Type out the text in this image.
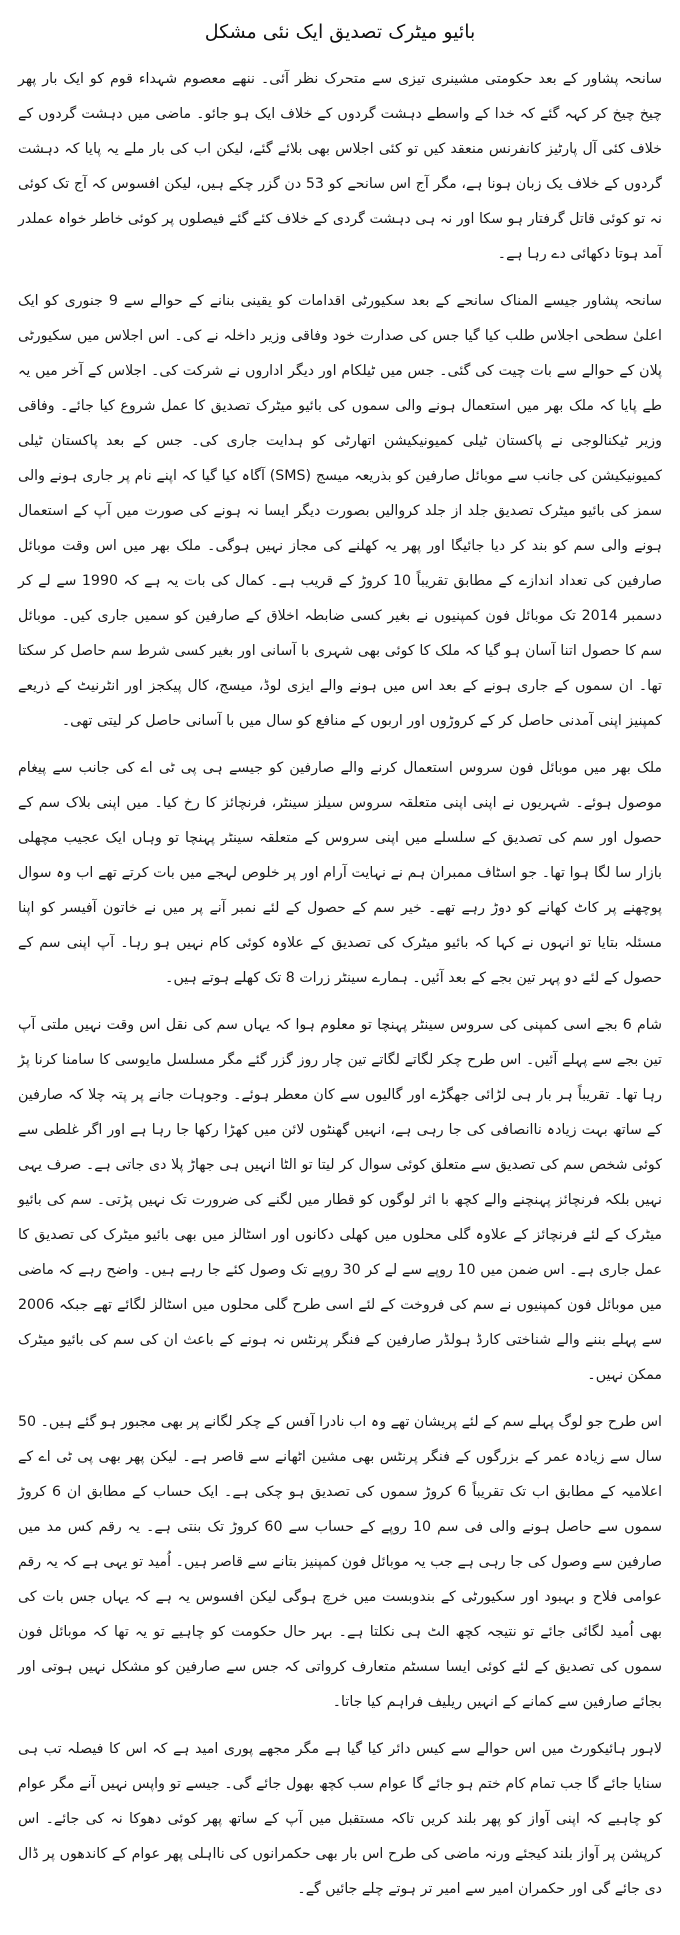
بائیو میٹرک تصدیق ایک نئی مشکل

سانحہ پشاور کے بعد حکومتی مشینری تیزی سے متحرک نظر آئی۔ ننھے معصوم شہداء قوم کو ایک بار پھر چیخ چیخ کر کہہ گئے کہ خدا کے واسطے دہشت گردوں کے خلاف ایک ہو جائو۔ ماضی میں دہشت گردوں کے خلاف کئی آل پارٹیز کانفرنس منعقد کیں تو کئی اجلاس بھی بلائے گئے، لیکن اب کی بار ملے یہ پایا کہ دہشت گردوں کے خلاف یک زبان ہونا ہے، مگر آج اس سانحے کو 53 دن گزر چکے ہیں، لیکن افسوس کہ آج تک کوئی نہ تو کوئی قاتل گرفتار ہو سکا اور نہ ہی دہشت گردی کے خلاف کئے گئے فیصلوں پر کوئی خاطر خواہ عملدر آمد ہوتا دکھائی دے رہا ہے۔

سانحہ پشاور جیسے المناک سانحے کے بعد سکیورٹی اقدامات کو یقینی بنانے کے حوالے سے 9 جنوری کو ایک اعلیٰ سطحی اجلاس طلب کیا گیا جس کی صدارت خود وفاقی وزیر داخلہ نے کی۔ اس اجلاس میں سکیورٹی پلان کے حوالے سے بات چیت کی گئی۔ جس میں ٹیلکام اور دیگر اداروں نے شرکت کی۔ اجلاس کے آخر میں یہ طے پایا کہ ملک بھر میں استعمال ہونے والی سموں کی بائیو میٹرک تصدیق کا عمل شروع کیا جائے۔ وفاقی وزیر ٹیکنالوجی نے پاکستان ٹیلی کمیونیکیشن اتھارٹی کو ہدایت جاری کی۔ جس کے بعد پاکستان ٹیلی کمیونیکیشن کی جانب سے موبائل صارفین کو بذریعہ میسج (SMS) آگاہ کیا گیا کہ اپنے نام پر جاری ہونے والی سمز کی بائیو میٹرک تصدیق جلد از جلد کروالیں بصورت دیگر ایسا نہ ہونے کی صورت میں آپ کے استعمال ہونے والی سم کو بند کر دیا جائیگا اور پھر یہ کھلنے کی مجاز نہیں ہوگی۔ ملک بھر میں اس وقت موبائل صارفین کی تعداد اندازے کے مطابق تقریباً 10 کروڑ کے قریب ہے۔ کمال کی بات یہ ہے کہ 1990 سے لے کر دسمبر 2014 تک موبائل فون کمپنیوں نے بغیر کسی ضابطہ اخلاق کے صارفین کو سمیں جاری کیں۔ موبائل سم کا حصول اتنا آسان ہو گیا کہ ملک کا کوئی بھی شہری با آسانی اور بغیر کسی شرط سم حاصل کر سکتا تھا۔ ان سموں کے جاری ہونے کے بعد اس میں ہونے والے ایزی لوڈ، میسج، کال پیکجز اور انٹرنیٹ کے ذریعے کمپنیز اپنی آمدنی حاصل کر کے کروڑوں اور اربوں کے منافع کو سال میں با آسانی حاصل کر لیتی تھی۔

ملک بھر میں موبائل فون سروس استعمال کرنے والے صارفین کو جیسے ہی پی ٹی اے کی جانب سے پیغام موصول ہوئے۔ شہریوں نے اپنی اپنی متعلقہ سروس سیلز سینٹر، فرنچائز کا رخ کیا۔ میں اپنی بلاک سم کے حصول اور سم کی تصدیق کے سلسلے میں اپنی سروس کے متعلقہ سینٹر پہنچا تو وہاں ایک عجیب مچھلی بازار سا لگا ہوا تھا۔ جو اسٹاف ممبران ہم نے نہایت آرام اور پر خلوص لہجے میں بات کرتے تھے اب وہ سوال پوچھنے پر کاٹ کھانے کو دوڑ رہے تھے۔ خیر سم کے حصول کے لئے نمبر آنے پر میں نے خاتون آفیسر کو اپنا مسئلہ بتایا تو انہوں نے کہا کہ بائیو میٹرک کی تصدیق کے علاوہ کوئی کام نہیں ہو رہا۔ آپ اپنی سم کے حصول کے لئے دو پہر تین بجے کے بعد آئیں۔ ہمارے سینٹر زرات 8 تک کھلے ہوتے ہیں۔

شام 6 بجے اسی کمپنی کی سروس سینٹر پہنچا تو معلوم ہوا کہ یہاں سم کی نقل اس وقت نہیں ملتی آپ تین بجے سے پہلے آئیں۔ اس طرح چکر لگاتے لگاتے تین چار روز گزر گئے مگر مسلسل مایوسی کا سامنا کرنا پڑ رہا تھا۔ تقریباً ہر بار ہی لڑائی جھگڑے اور گالیوں سے کان معطر ہوئے۔ وجوہات جانے پر پتہ چلا کہ صارفین کے ساتھ بہت زیادہ ناانصافی کی جا رہی ہے، انہیں گھنٹوں لائن میں کھڑا رکھا جا رہا ہے اور اگر غلطی سے کوئی شخص سم کی تصدیق سے متعلق کوئی سوال کر لیتا تو الٹا انہیں ہی جھاڑ پلا دی جاتی ہے۔ صرف یہی نہیں بلکہ فرنچائز پہنچنے والے کچھ با اثر لوگوں کو قطار میں لگنے کی ضرورت تک نہیں پڑتی۔ سم کی بائیو میٹرک کے لئے فرنچائز کے علاوہ گلی محلوں میں کھلی دکانوں اور اسٹالز میں بھی بائیو میٹرک کی تصدیق کا عمل جاری ہے۔ اس ضمن میں 10 روپے سے لے کر 30 روپے تک وصول کئے جا رہے ہیں۔ واضح رہے کہ ماضی میں موبائل فون کمپنیوں نے سم کی فروخت کے لئے اسی طرح گلی محلوں میں اسٹالز لگائے تھے جبکہ 2006 سے پہلے بننے والے شناختی کارڈ ہولڈر صارفین کے فنگر پرنٹس نہ ہونے کے باعث ان کی سم کی بائیو میٹرک ممکن نہیں۔

اس طرح جو لوگ پہلے سم کے لئے پریشان تھے وہ اب نادرا آفس کے چکر لگانے پر بھی مجبور ہو گئے ہیں۔ 50 سال سے زیادہ عمر کے بزرگوں کے فنگر پرنٹس بھی مشین اٹھانے سے قاصر ہے۔ لیکن پھر بھی پی ٹی اے کے اعلامیہ کے مطابق اب تک تقریباً 6 کروڑ سموں کی تصدیق ہو چکی ہے۔ ایک حساب کے مطابق ان 6 کروڑ سموں سے حاصل ہونے والی فی سم 10 روپے کے حساب سے 60 کروڑ تک بنتی ہے۔ یہ رقم کس مد میں صارفین سے وصول کی جا رہی ہے جب یہ موبائل فون کمپنیز بتانے سے قاصر ہیں۔ اُمید تو یہی ہے کہ یہ رقم عوامی فلاح و بہبود اور سکیورٹی کے بندوبست میں خرچ ہوگی لیکن افسوس یہ ہے کہ یہاں جس بات کی بھی اُمید لگائی جائے تو نتیجہ کچھ الٹ ہی نکلتا ہے۔ بہر حال حکومت کو چاہیے تو یہ تھا کہ موبائل فون سموں کی تصدیق کے لئے کوئی ایسا سسٹم متعارف کرواتی کہ جس سے صارفین کو مشکل نہیں ہوتی اور بجائے صارفین سے کمانے کے انہیں ریلیف فراہم کیا جاتا۔

لاہور ہائیکورٹ میں اس حوالے سے کیس دائر کیا گیا ہے مگر مجھے پوری امید ہے کہ اس کا فیصلہ تب ہی سنایا جائے گا جب تمام کام ختم ہو جائے گا عوام سب کچھ بھول جائے گی۔ جیسے تو واپس نہیں آنے مگر عوام کو چاہیے کہ اپنی آواز کو پھر بلند کریں تاکہ مستقبل میں آپ کے ساتھ پھر کوئی دھوکا نہ کی جائے۔ اس کرپشن پر آواز بلند کیجئے ورنہ ماضی کی طرح اس بار بھی حکمرانوں کی نااہلی پھر عوام کے کاندھوں پر ڈال دی جائے گی اور حکمران امیر سے امیر تر ہوتے چلے جائیں گے۔
